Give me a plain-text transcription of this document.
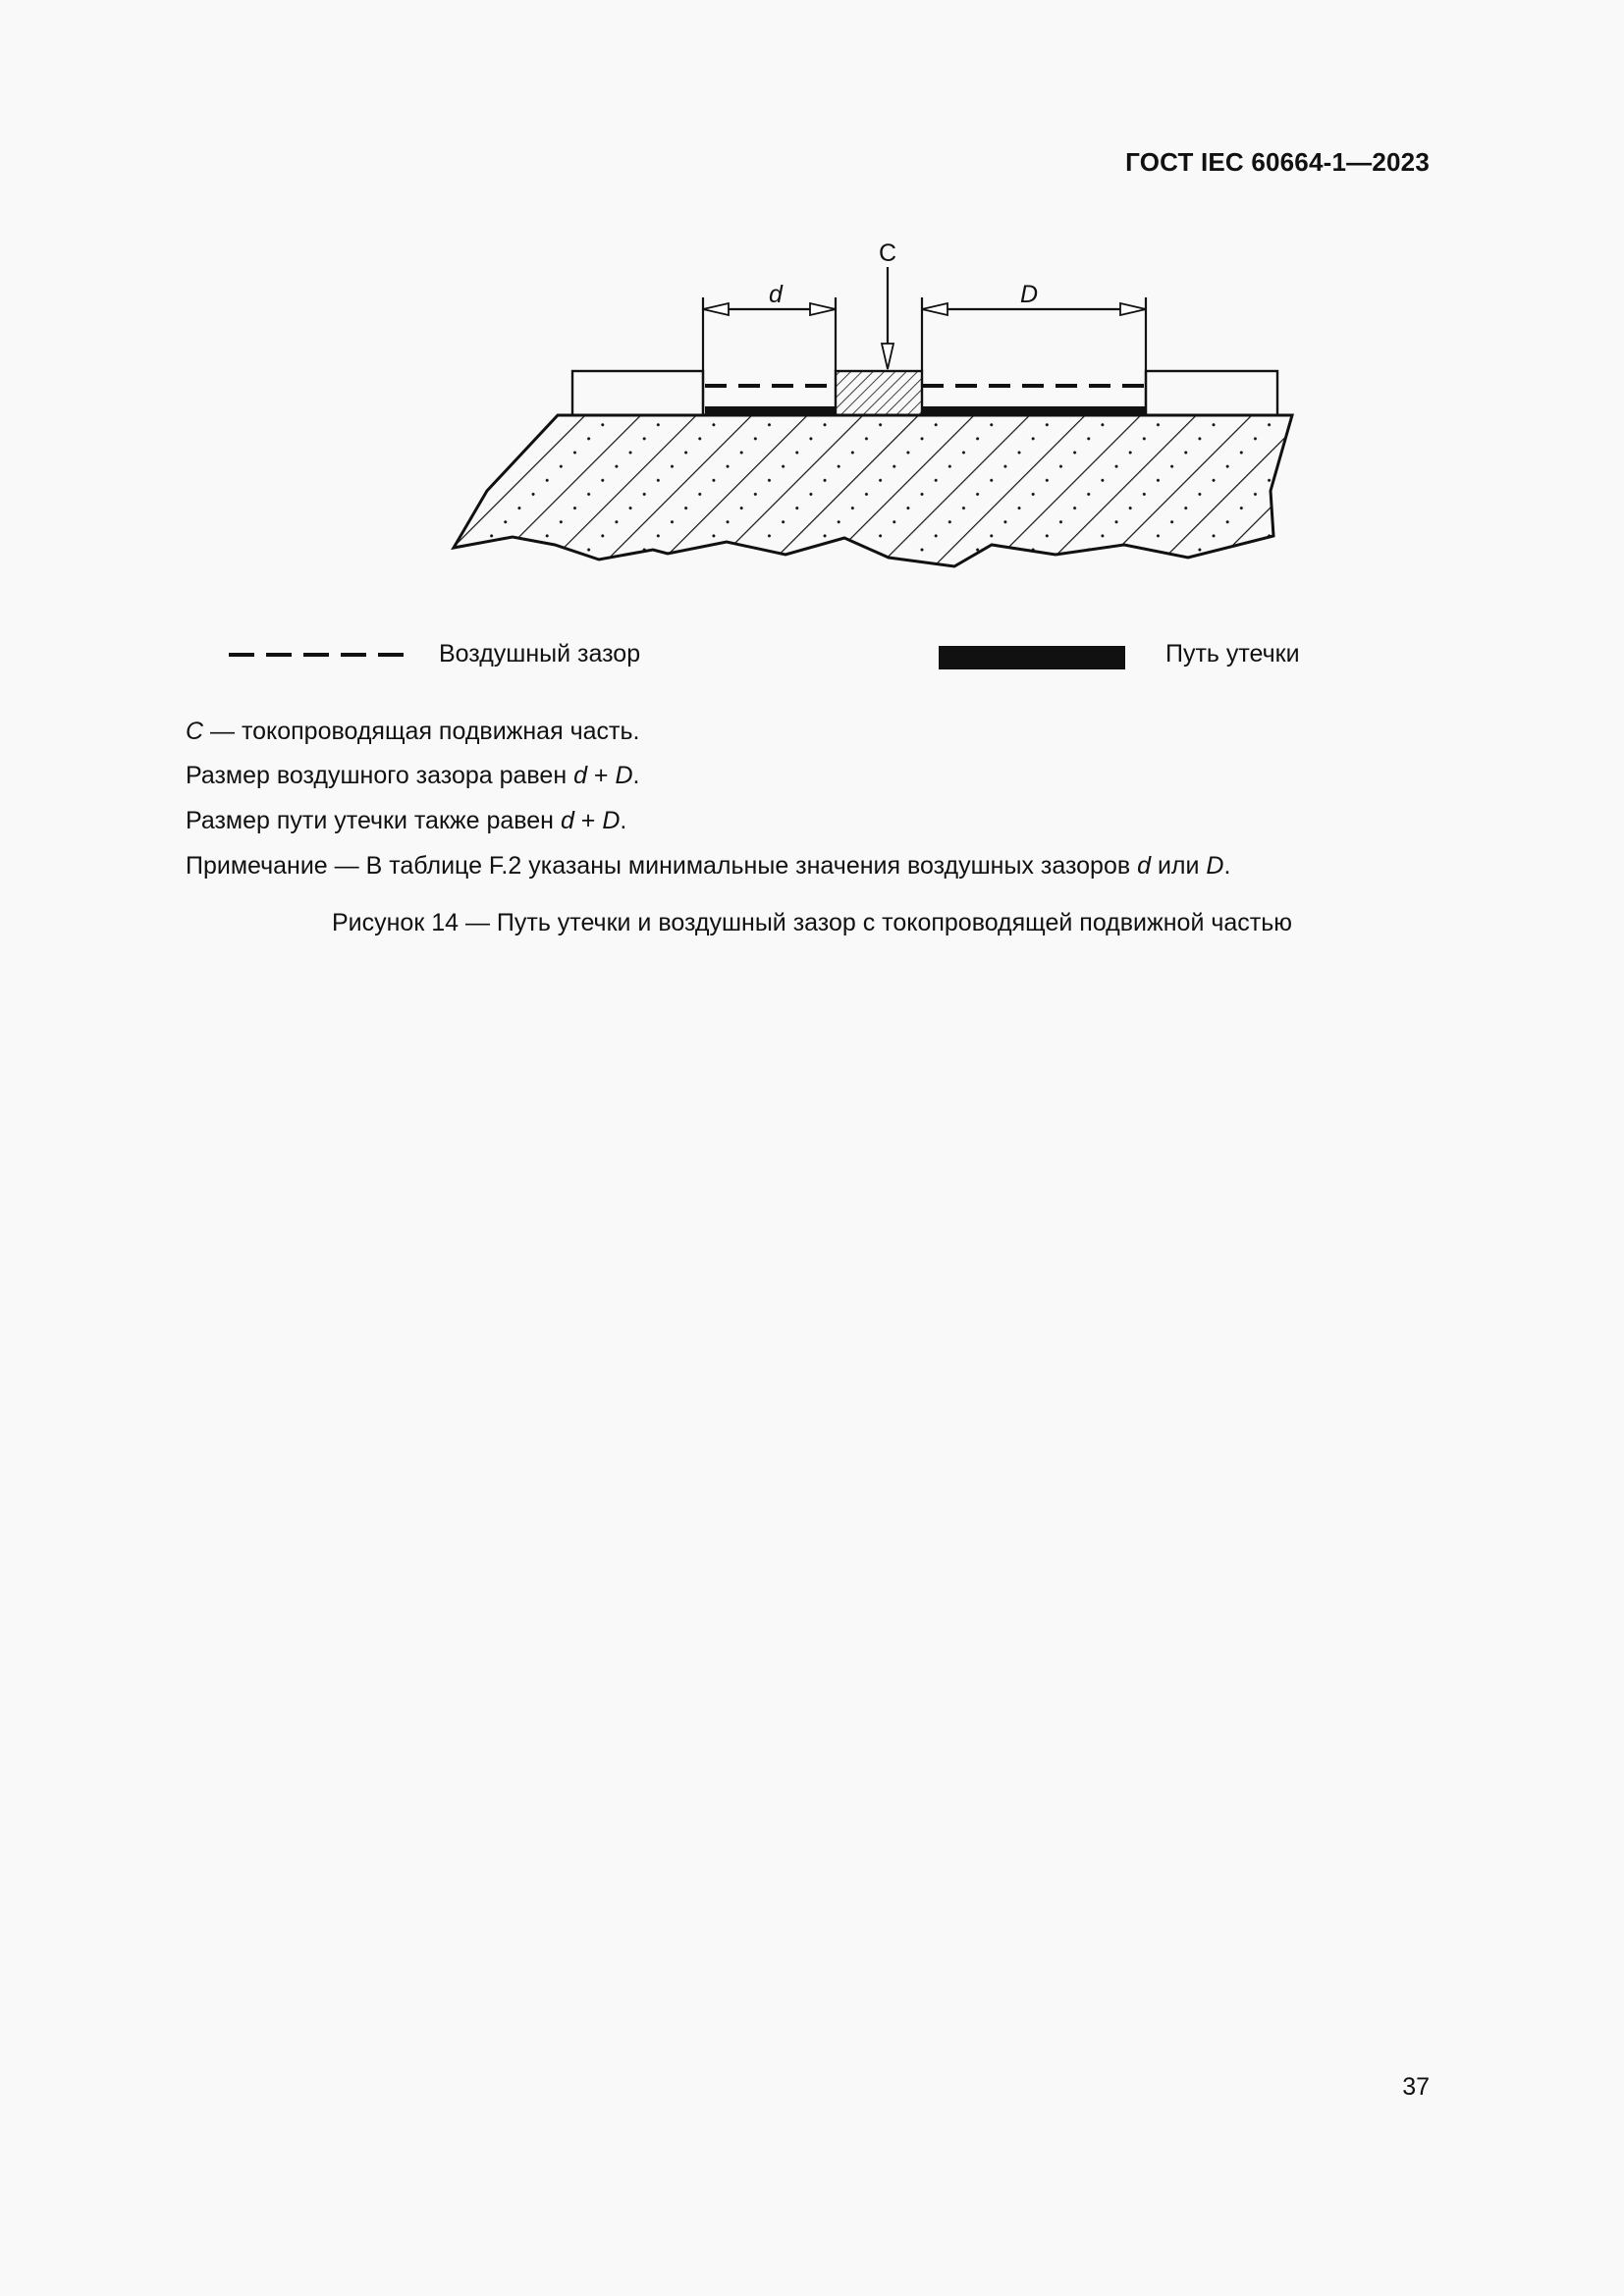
ГОСТ IEC 60664-1—2023
C
d	D
Воздушный зазор	Путь утечки
C — токопроводящая подвижная часть.
Размер воздушного зазора равен d + D.
Размер пути утечки также равен d + D.
Примечание — В таблице F.2 указаны минимальные значения воздушных зазоров d или D.
Рисунок 14 — Путь утечки и воздушный зазор с токопроводящей подвижной частью
37
